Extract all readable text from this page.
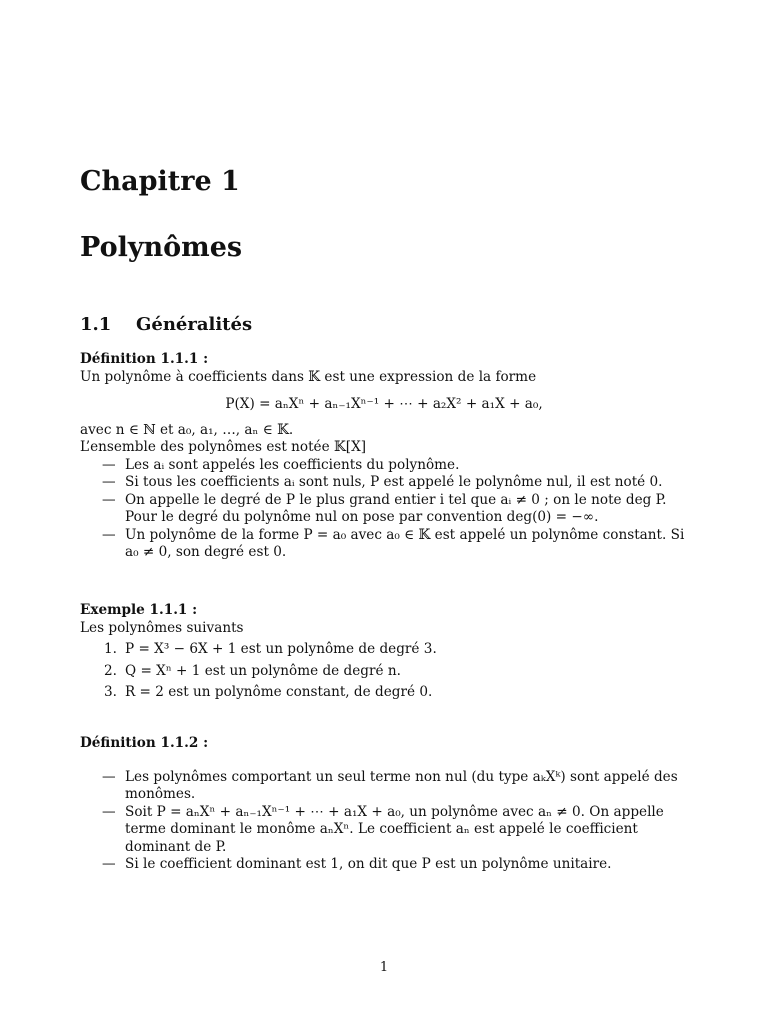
Chapitre 1
Polynômes
1.1 Généralités
Définition 1.1.1 :
Un polynôme à coefficients dans 𝕂 est une expression de la forme
P(X) = aₙXⁿ + aₙ₋₁Xⁿ⁻¹ + ⋯ + a₂X² + a₁X + a₀,
avec n ∈ ℕ et a₀, a₁, …, aₙ ∈ 𝕂.
L’ensemble des polynômes est notée 𝕂[X]
— Les aᵢ sont appelés les coefficients du polynôme.
— Si tous les coefficients aᵢ sont nuls, P est appelé le polynôme nul, il est noté 0.
— On appelle le degré de P le plus grand entier i tel que aᵢ ≠ 0 ; on le note deg P. Pour le degré du polynôme nul on pose par convention deg(0) = −∞.
— Un polynôme de la forme P = a₀ avec a₀ ∈ 𝕂 est appelé un polynôme constant. Si a₀ ≠ 0, son degré est 0.
Exemple 1.1.1 :
Les polynômes suivants
1. P = X³ − 6X + 1 est un polynôme de degré 3.
2. Q = Xⁿ + 1 est un polynôme de degré n.
3. R = 2 est un polynôme constant, de degré 0.
Définition 1.1.2 :
— Les polynômes comportant un seul terme non nul (du type aₖXᵏ) sont appelé des monômes.
— Soit P = aₙXⁿ + aₙ₋₁Xⁿ⁻¹ + ⋯ + a₁X + a₀, un polynôme avec aₙ ≠ 0. On appelle terme dominant le monôme aₙXⁿ. Le coefficient aₙ est appelé le coefficient dominant de P.
— Si le coefficient dominant est 1, on dit que P est un polynôme unitaire.
1
